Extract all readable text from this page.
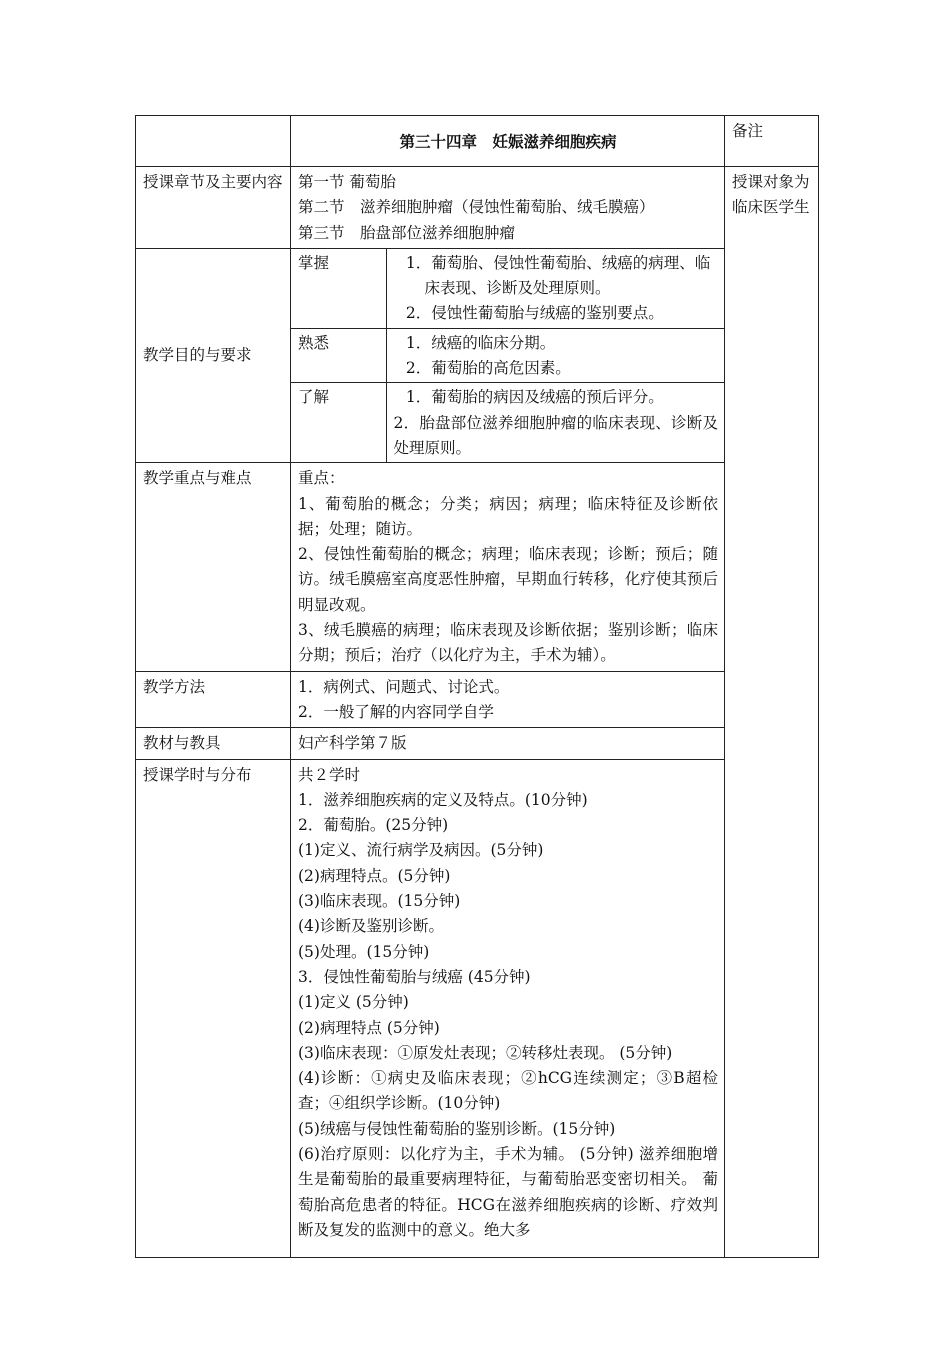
	第三十四章　妊娠滋养细胞疾病	备注
授课章节及主要内容	第一节 葡萄胎
第二节　滋养细胞肿瘤（侵蚀性葡萄胎、绒毛膜癌）
第三节　胎盘部位滋养细胞肿瘤
	授课对象为临床医学生
教学目的与要求	
掌握	1．葡萄胎、侵蚀性葡萄胎、绒癌的病理、临床表现、诊断及处理原则。
2．侵蚀性葡萄胎与绒癌的鉴别要点。

熟悉	1．绒癌的临床分期。
2．葡萄胎的高危因素。

了解	1．葡萄胎的病因及绒癌的预后评分。
2．胎盘部位滋养细胞肿瘤的临床表现、诊断及处理原则。

教学重点与难点	重点：
1、葡萄胎的概念；分类；病因；病理；临床特征及诊断依据；处理；随访。
2、侵蚀性葡萄胎的概念；病理；临床表现；诊断；预后；随访。绒毛膜癌室高度恶性肿瘤，早期血行转移，化疗使其预后明显改观。
3、绒毛膜癌的病理；临床表现及诊断依据；鉴别诊断；临床分期；预后；治疗（以化疗为主，手术为辅）。

教学方法	1．病例式、问题式、讨论式。
2．一般了解的内容同学自学

教材与教具	妇产科学第７版
授课学时与分布	共２学时
1．滋养细胞疾病的定义及特点。(10分钟)
2．葡萄胎。(25分钟)
(1)定义、流行病学及病因。(5分钟)
(2)病理特点。(5分钟)
(3)临床表现。(15分钟)
(4)诊断及鉴别诊断。
(5)处理。(15分钟)
3．侵蚀性葡萄胎与绒癌 (45分钟)
(1)定义 (5分钟)
(2)病理特点 (5分钟)
(3)临床表现：①原发灶表现；②转移灶表现。 (5分钟)
(4)诊断：①病史及临床表现；②hCG连续测定；③B超检查；④组织学诊断。(10分钟)
(5)绒癌与侵蚀性葡萄胎的鉴别诊断。(15分钟)
(6)治疗原则：以化疗为主，手术为辅。 (5分钟) 滋养细胞增生是葡萄胎的最重要病理特征，与葡萄胎恶变密切相关。 葡萄胎高危患者的特征。HCG在滋养细胞疾病的诊断、疗效判断及复发的监测中的意义。绝大多
